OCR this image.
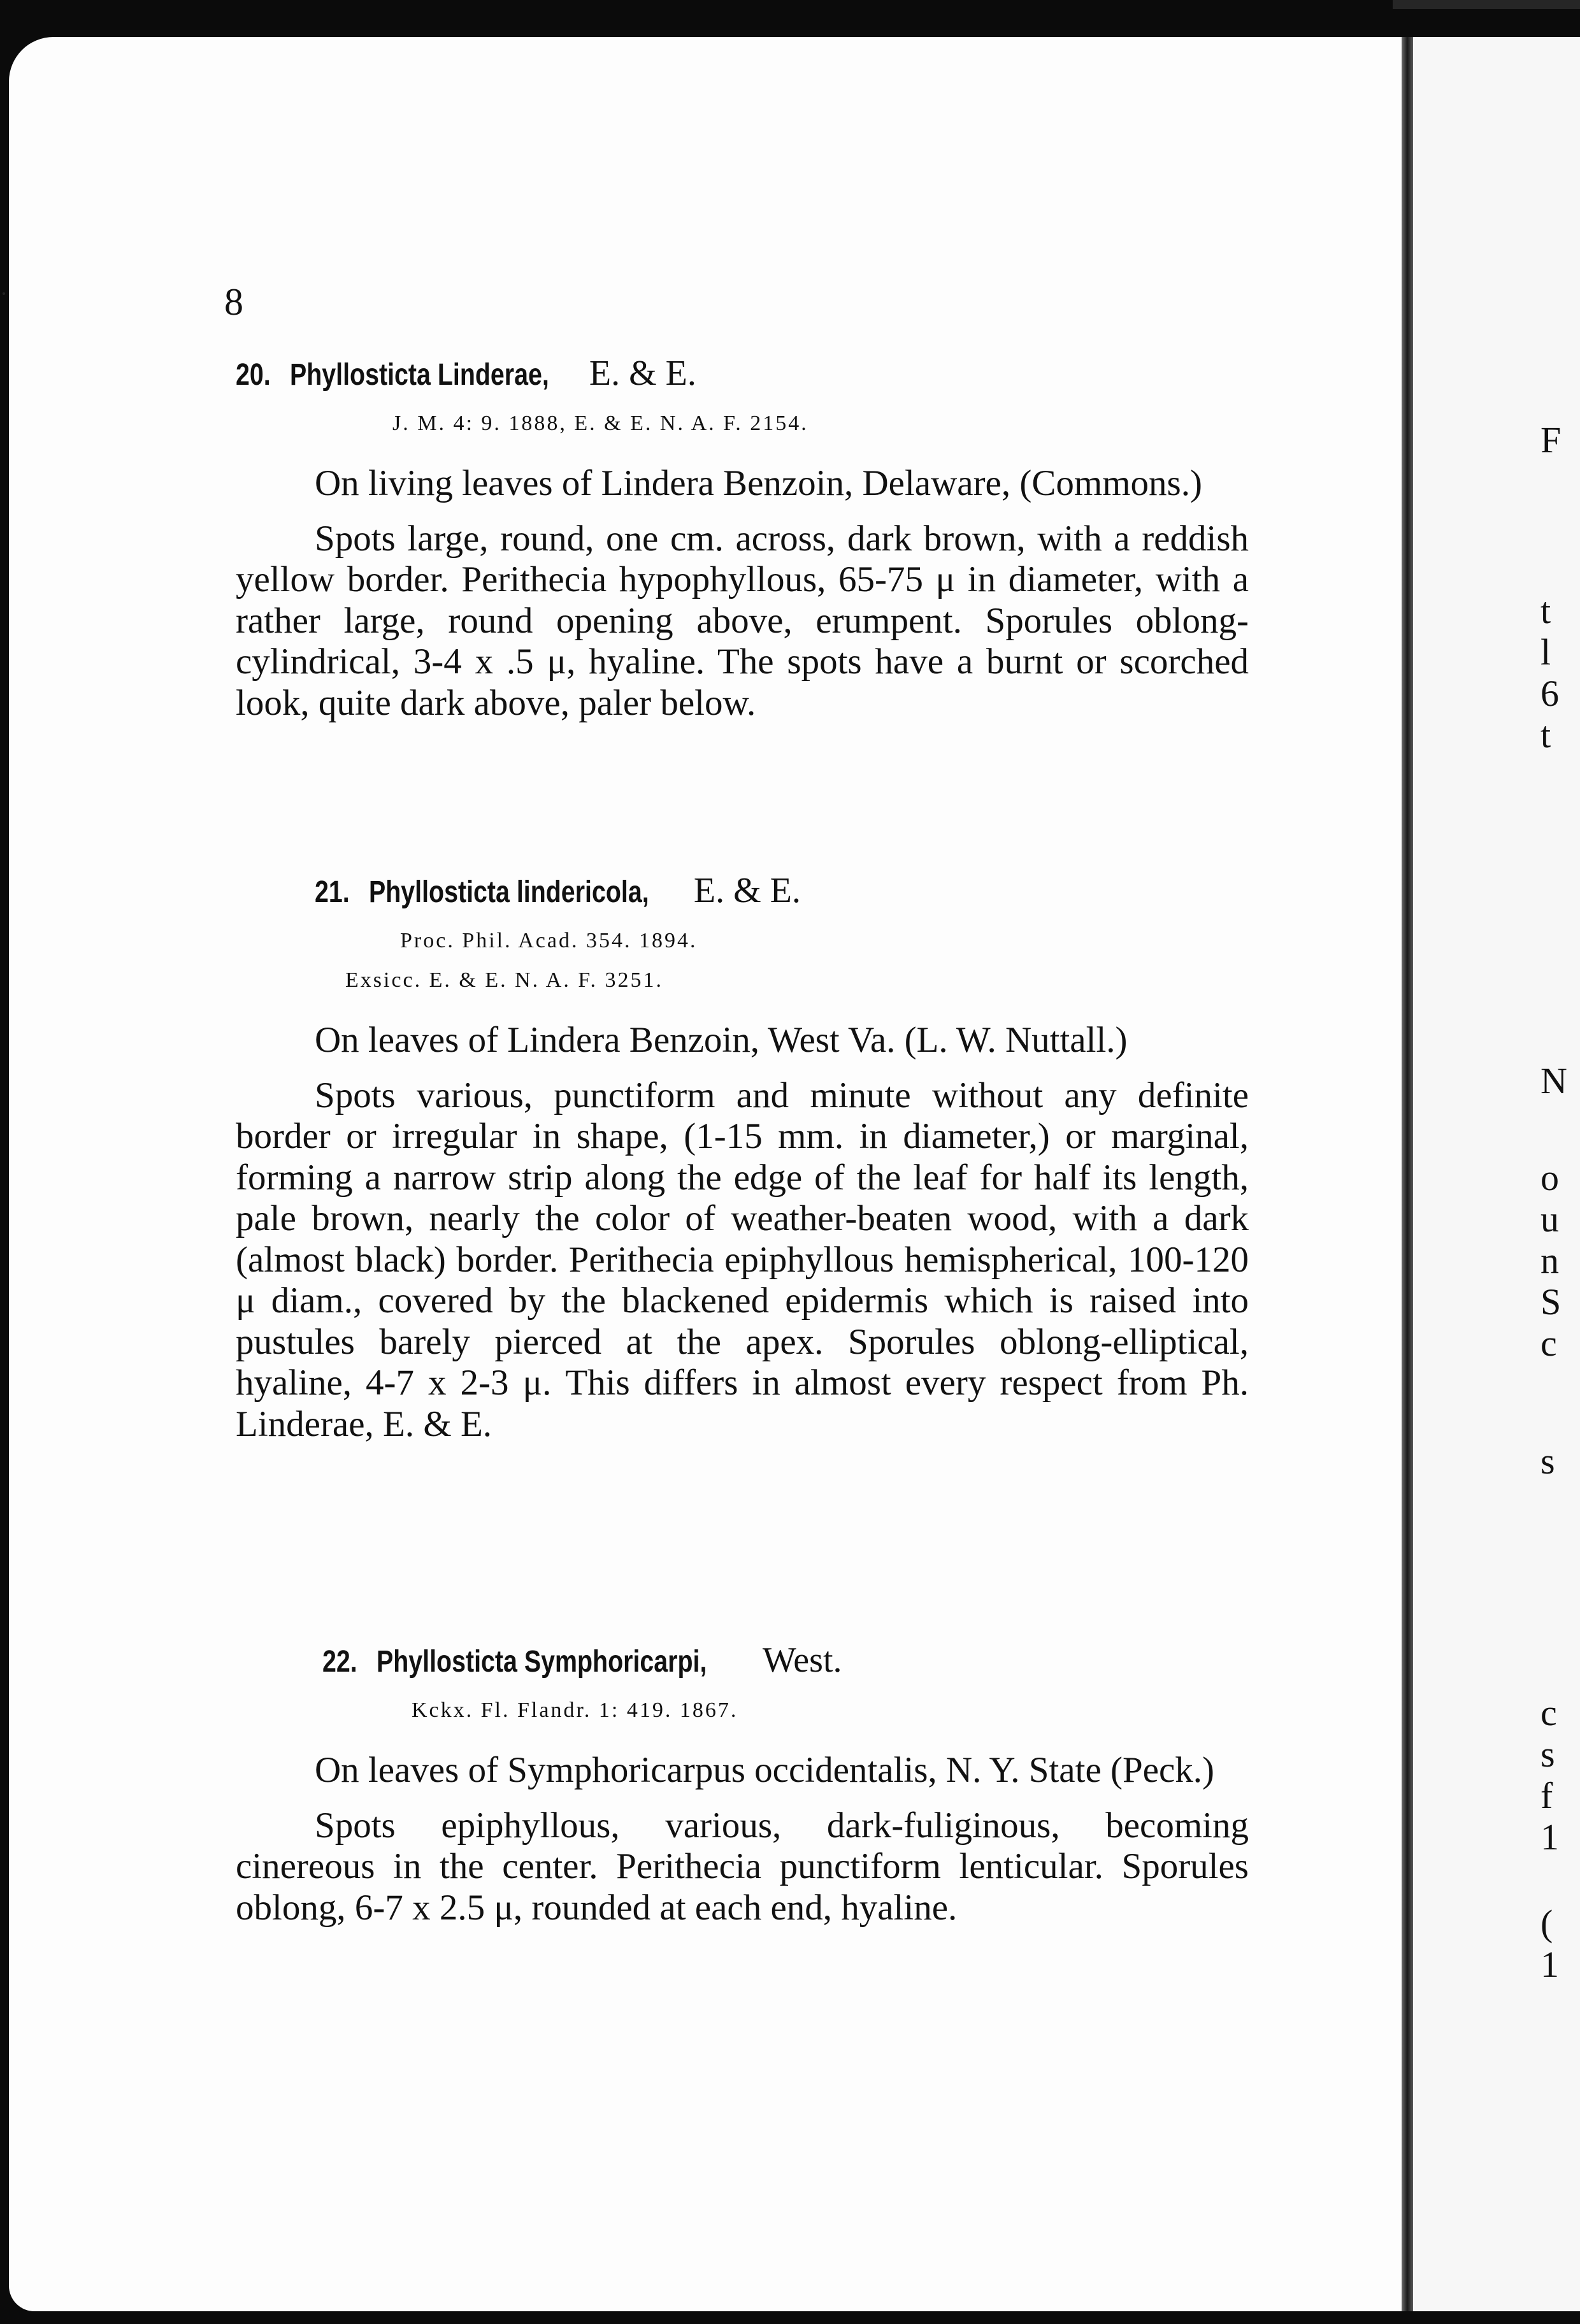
·
F
t
l
6
t
N
o
u
n
S
c
s
c
s
f
1
(
1
8
20. Phyllosticta Linderae, E. & E.
J. M. 4: 9. 1888, E. & E. N. A. F. 2154.

On living leaves of Lindera Benzoin, Delaware, (Commons.)

Spots large, round, one cm. across, dark brown, with a reddish yellow border. Perithecia hypophyllous, 65-75 μ in diameter, with a rather large, round opening above, erumpent. Sporules oblong-cylindrical, 3-4 x .5 μ, hyaline. The spots have a burnt or scorched look, quite dark above, paler below.

21. Phyllosticta lindericola, E. & E.
Proc. Phil. Acad. 354. 1894.
Exsicc. E. & E. N. A. F. 3251.

On leaves of Lindera Benzoin, West Va. (L. W. Nuttall.)

Spots various, punctiform and minute without any definite border or irregular in shape, (1-15 mm. in diameter,) or marginal, forming a narrow strip along the edge of the leaf for half its length, pale brown, nearly the color of weather-beaten wood, with a dark (almost black) border. Perithecia epiphyllous hemispherical, 100-120 μ diam., covered by the blackened epidermis which is raised into pustules barely pierced at the apex. Sporules oblong-elliptical, hyaline, 4-7 x 2-3 μ. This differs in almost every respect from Ph. Linderae, E. & E.

22. Phyllosticta Symphoricarpi, West.
Kckx. Fl. Flandr. 1: 419. 1867.

On leaves of Symphoricarpus occidentalis, N. Y. State (Peck.)

Spots epiphyllous, various, dark-fuliginous, becoming cinereous in the center. Perithecia punctiform lenticular. Sporules oblong, 6-7 x 2.5 μ, rounded at each end, hyaline.
